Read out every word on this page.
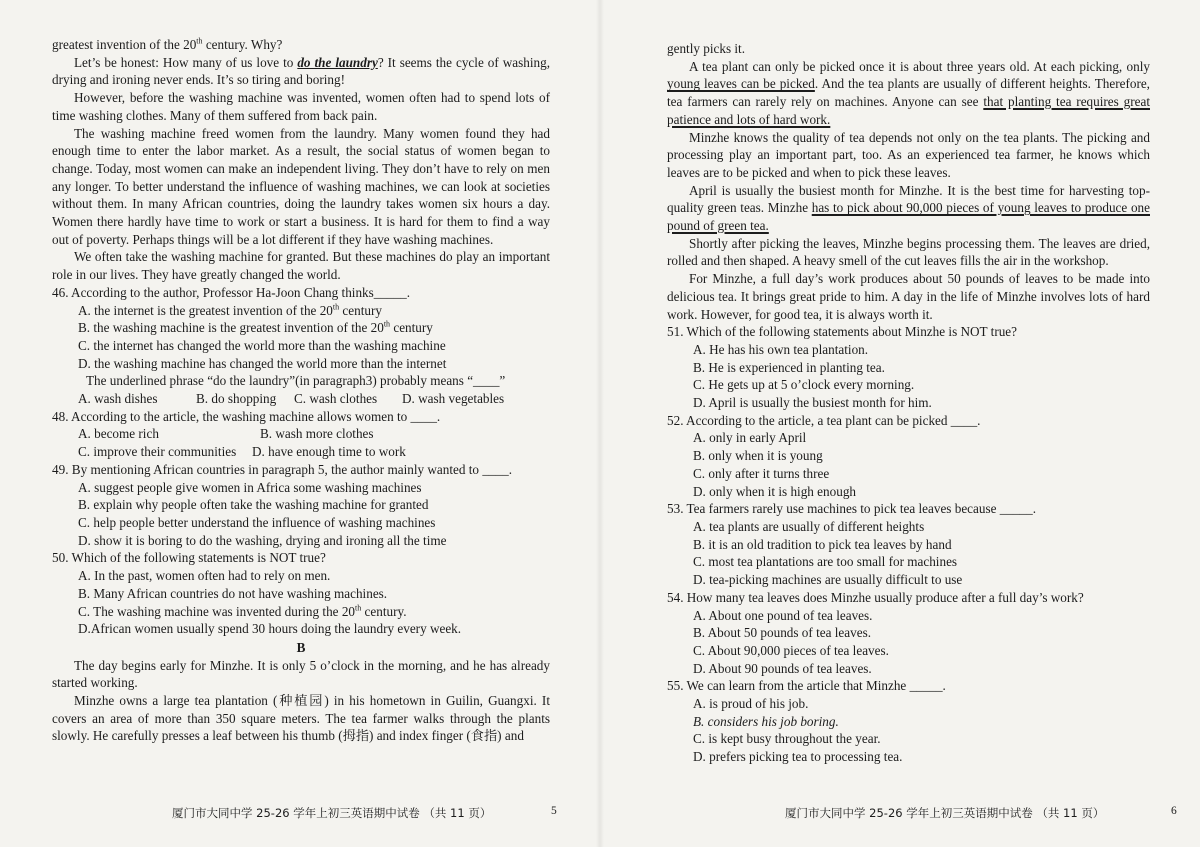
greatest invention of the 20th century. Why?

Let’s be honest: How many of us love to do the laundry? It seems the cycle of washing, drying and ironing never ends. It’s so tiring and boring!

However, before the washing machine was invented, women often had to spend lots of time washing clothes. Many of them suffered from back pain.

The washing machine freed women from the laundry. Many women found they had enough time to enter the labor market. As a result, the social status of women began to change. Today, most women can make an independent living. They don’t have to rely on men any longer. To better understand the influence of washing machines, we can look at societies without them. In many African countries, doing the laundry takes women six hours a day. Women there hardly have time to work or start a business. It is hard for them to find a way out of poverty. Perhaps things will be a lot different if they have washing machines.

We often take the washing machine for granted. But these machines do play an important role in our lives. They have greatly changed the world.

46. According to the author, Professor Ha-Joon Chang thinks_____.

A. the internet is the greatest invention of the 20th century

B. the washing machine is the greatest invention of the 20th century

C. the internet has changed the world more than the washing machine

D. the washing machine has changed the world more than the internet

The underlined phrase “do the laundry”(in paragraph3) probably means “____”

A. wash dishes	B. do shopping	C. wash clothes	D. wash vegetables

48. According to the article, the washing machine allows women to ____.

A. become rich	B. wash more clothes
C. improve their communities	D. have enough time to work

49. By mentioning African countries in paragraph 5, the author mainly wanted to ____.

A. suggest people give women in Africa some washing machines

B. explain why people often take the washing machine for granted

C. help people better understand the influence of washing machines

D. show it is boring to do the washing, drying and ironing all the time

50. Which of the following statements is NOT true?

A. In the past, women often had to rely on men.

B. Many African countries do not have washing machines.

C. The washing machine was invented during the 20th century.

D.African women usually spend 30 hours doing the laundry every week.

B

The day begins early for Minzhe. It is only 5 o’clock in the morning, and he has already started working.

Minzhe owns a large tea plantation (种植园) in his hometown in Guilin, Guangxi. It covers an area of more than 350 square meters. The tea farmer walks through the plants slowly. He carefully presses a leaf between his thumb (拇指) and index finger (食指) and

厦门市大同中学 25-26 学年上初三英语期中试卷 （共 11 页）	5

gently picks it.

A tea plant can only be picked once it is about three years old. At each picking, only young leaves can be picked. And the tea plants are usually of different heights. Therefore, tea farmers can rarely rely on machines. Anyone can see that planting tea requires great patience and lots of hard work.

Minzhe knows the quality of tea depends not only on the tea plants. The picking and processing play an important part, too. As an experienced tea farmer, he knows which leaves are to be picked and when to pick these leaves.

April is usually the busiest month for Minzhe. It is the best time for harvesting top-quality green teas. Minzhe has to pick about 90,000 pieces of young leaves to produce one pound of green tea.

Shortly after picking the leaves, Minzhe begins processing them. The leaves are dried, rolled and then shaped. A heavy smell of the cut leaves fills the air in the workshop.

For Minzhe, a full day’s work produces about 50 pounds of leaves to be made into delicious tea. It brings great pride to him. A day in the life of Minzhe involves lots of hard work. However, for good tea, it is always worth it.

51. Which of the following statements about Minzhe is NOT true?

A. He has his own tea plantation.

B. He is experienced in planting tea.

C. He gets up at 5 o’clock every morning.

D. April is usually the busiest month for him.

52. According to the article, a tea plant can be picked ____.

A. only in early April

B. only when it is young

C. only after it turns three

D. only when it is high enough

53. Tea farmers rarely use machines to pick tea leaves because _____.

A. tea plants are usually of different heights

B. it is an old tradition to pick tea leaves by hand

C. most tea plantations are too small for machines

D. tea-picking machines are usually difficult to use

54. How many tea leaves does Minzhe usually produce after a full day’s work?

A. About one pound of tea leaves.

B. About 50 pounds of tea leaves.

C. About 90,000 pieces of tea leaves.

D. About 90 pounds of tea leaves.

55. We can learn from the article that Minzhe _____.

A. is proud of his job.

B. considers his job boring.

C. is kept busy throughout the year.

D. prefers picking tea to processing tea.

厦门市大同中学 25-26 学年上初三英语期中试卷 （共 11 页）	6
